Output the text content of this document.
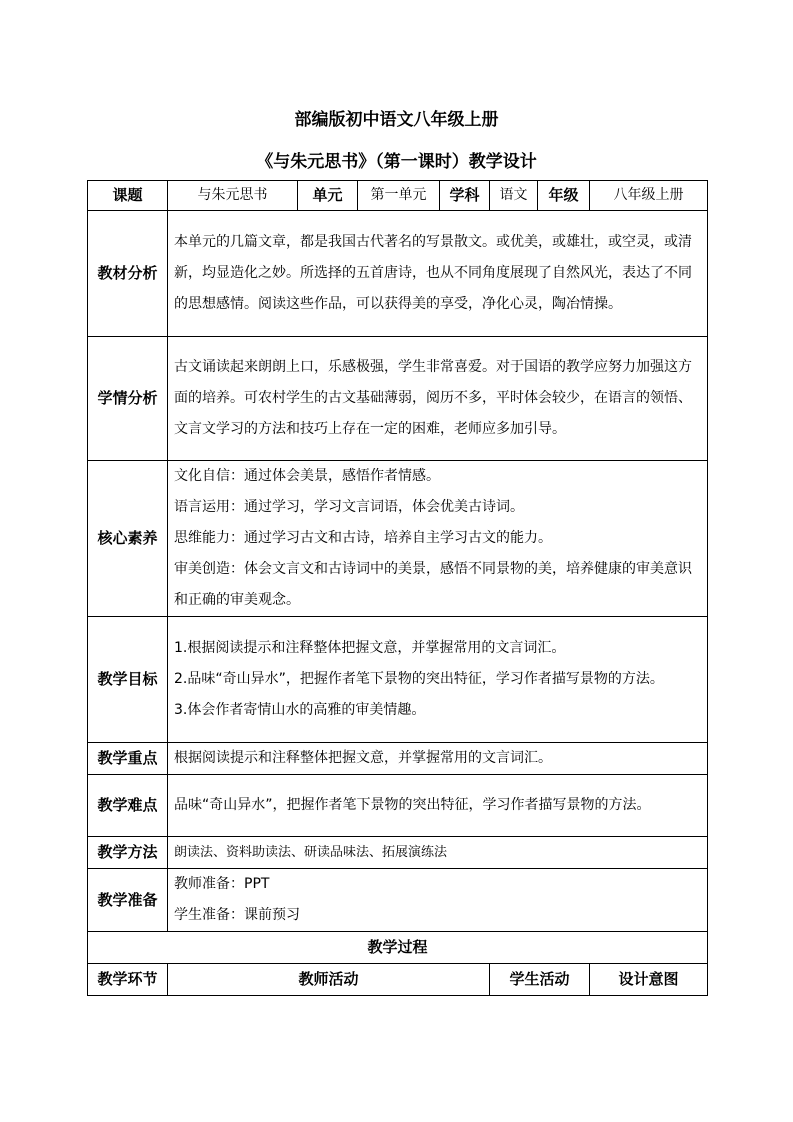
部编版初中语文八年级上册
《与朱元思书》（第一课时）教学设计
课题	与朱元思书	单元	第一单元	学科	语文	年级	八年级上册
教材分析	本单元的几篇文章，都是我国古代著名的写景散文。或优美，或雄壮，或空灵，或清新，均显造化之妙。所选择的五首唐诗，也从不同角度展现了自然风光，表达了不同的思想感情。阅读这些作品，可以获得美的享受，净化心灵，陶冶情操。						
学情分析	古文诵读起来朗朗上口，乐感极强，学生非常喜爱。对于国语的教学应努力加强这方面的培养。可农村学生的古文基础薄弱，阅历不多，平时体会较少，在语言的领悟、文言文学习的方法和技巧上存在一定的困难，老师应多加引导。						
核心素养	文化自信：通过体会美景，感悟作者情感。
语言运用：通过学习，学习文言词语，体会优美古诗词。
思维能力：通过学习古文和古诗，培养自主学习古文的能力。
审美创造：体会文言文和古诗词中的美景，感悟不同景物的美，培养健康的审美意识和正确的审美观念。						

教学目标	1.根据阅读提示和注释整体把握文意，并掌握常用的文言词汇。
2.品味“奇山异水”，把握作者笔下景物的突出特征，学习作者描写景物的方法。
3.体会作者寄情山水的高雅的审美情趣。						

教学重点	根据阅读提示和注释整体把握文意，并掌握常用的文言词汇。						
教学难点	品味“奇山异水”，把握作者笔下景物的突出特征，学习作者描写景物的方法。						
教学方法	朗读法、资料助读法、研读品味法、拓展演练法						
教学准备	教师准备：PPT
学生准备：课前预习						

教学过程							
教学环节	教师活动				学生活动		设计意图
